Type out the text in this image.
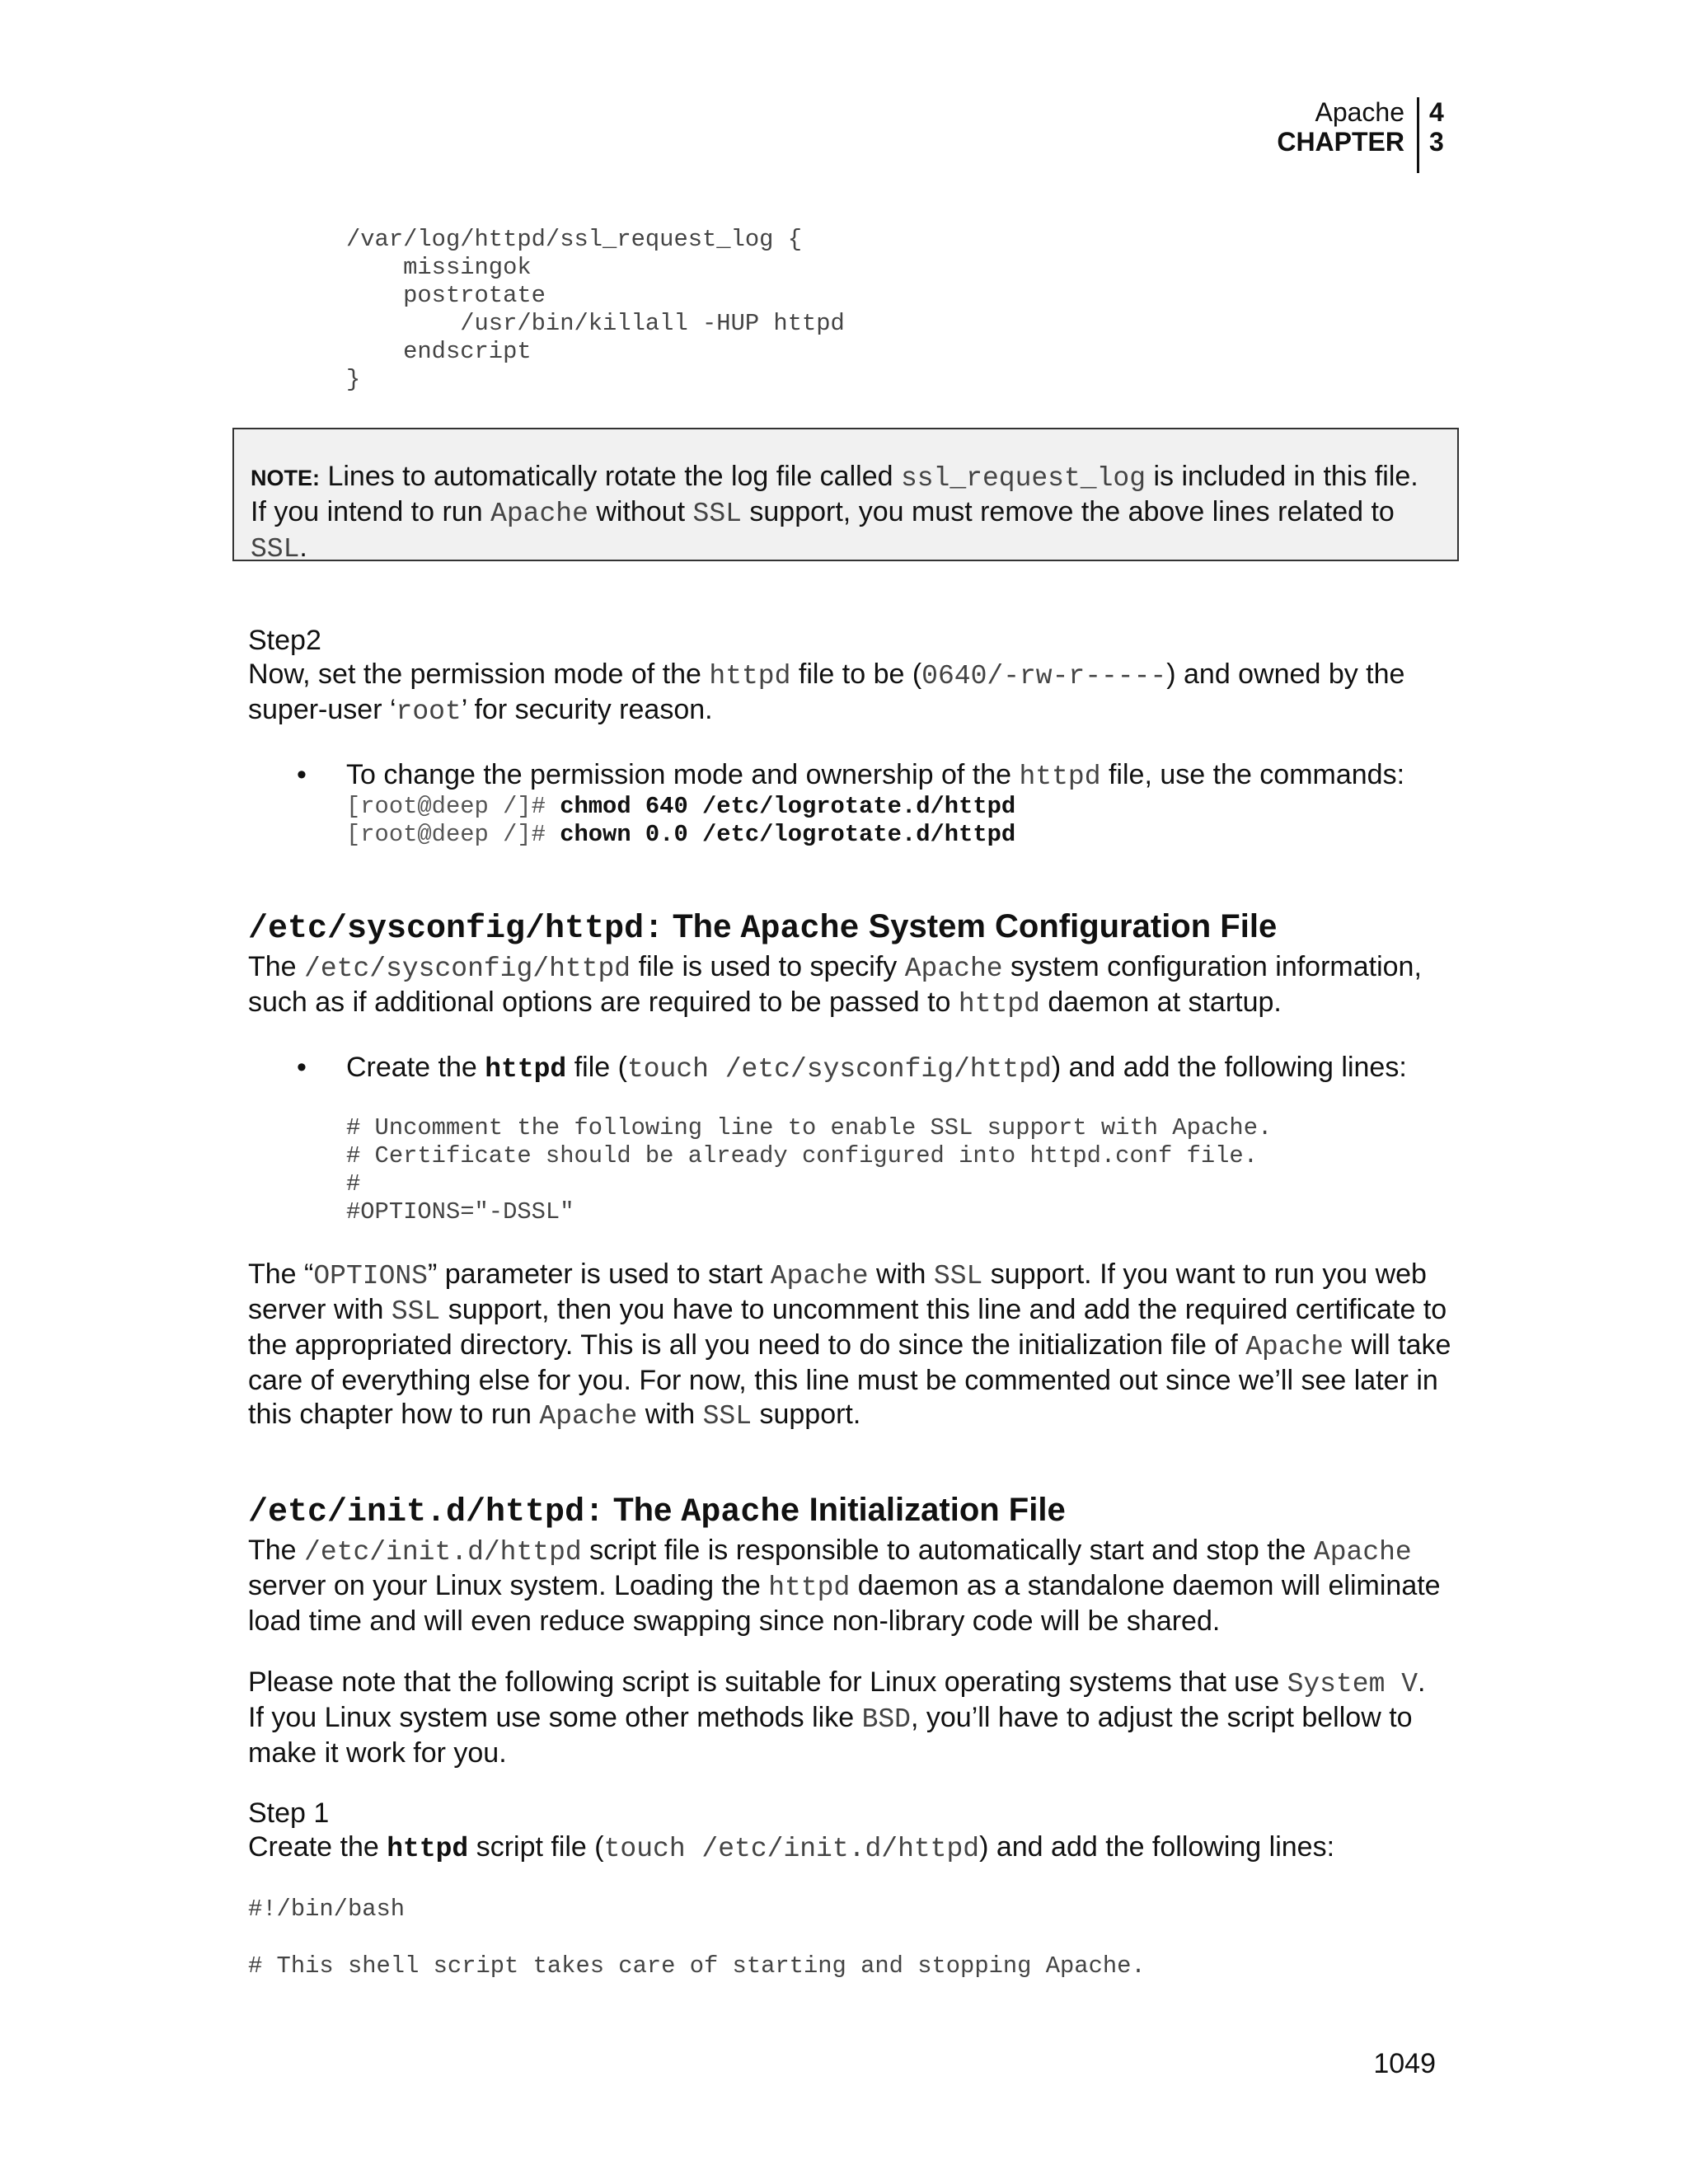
Apache
CHAPTER
4
3
/var/log/httpd/ssl_request_log {
missingok
postrotate
/usr/bin/killall -HUP httpd
endscript
}
NOTE: Lines to automatically rotate the log file called ssl_request_log is included in this file. If you intend to run Apache without SSL support, you must remove the above lines related to SSL.
Step2
Now, set the permission mode of the httpd file to be (0640/-rw-r-----) and owned by the super-user ‘root’ for security reason.
• To change the permission mode and ownership of the httpd file, use the commands:
[root@deep /]# chmod 640 /etc/logrotate.d/httpd
[root@deep /]# chown 0.0 /etc/logrotate.d/httpd
/etc/sysconfig/httpd: The Apache System Configuration File
The /etc/sysconfig/httpd file is used to specify Apache system configuration information, such as if additional options are required to be passed to httpd daemon at startup.
• Create the httpd file (touch /etc/sysconfig/httpd) and add the following lines:
# Uncomment the following line to enable SSL support with Apache.
# Certificate should be already configured into httpd.conf file.
#
#OPTIONS="-DSSL"
The “OPTIONS” parameter is used to start Apache with SSL support. If you want to run you web server with SSL support, then you have to uncomment this line and add the required certificate to the appropriated directory. This is all you need to do since the initialization file of Apache will take care of everything else for you. For now, this line must be commented out since we’ll see later in this chapter how to run Apache with SSL support.
/etc/init.d/httpd: The Apache Initialization File
The /etc/init.d/httpd script file is responsible to automatically start and stop the Apache server on your Linux system. Loading the httpd daemon as a standalone daemon will eliminate load time and will even reduce swapping since non-library code will be shared.
Please note that the following script is suitable for Linux operating systems that use System V. If you Linux system use some other methods like BSD, you’ll have to adjust the script bellow to make it work for you.
Step 1
Create the httpd script file (touch /etc/init.d/httpd) and add the following lines:
#!/bin/bash
# This shell script takes care of starting and stopping Apache.
1049
